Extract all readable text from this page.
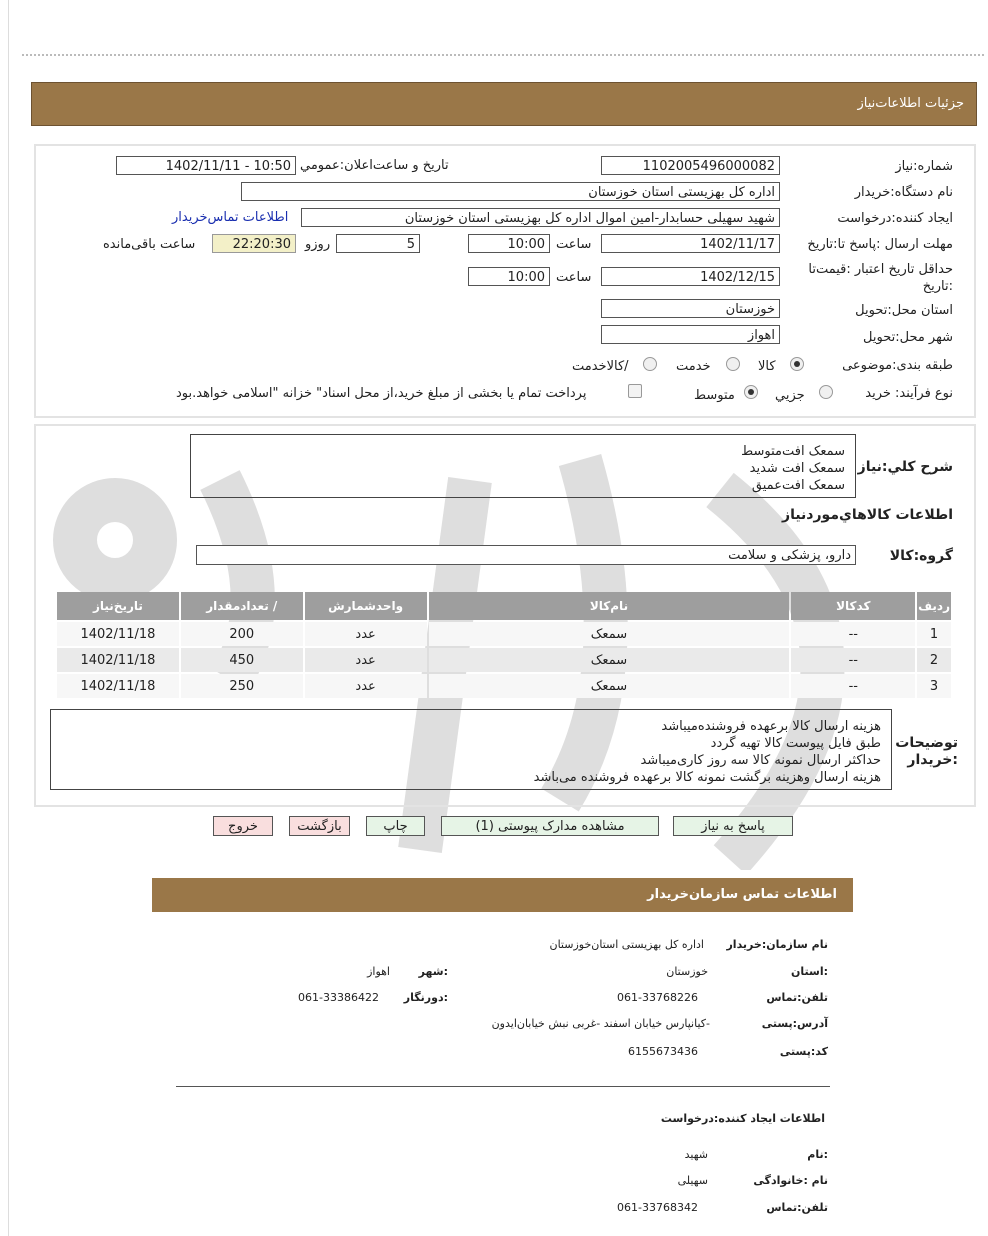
جزئیات اطلاعات‌نیاز
شماره:نیاز
1102005496000082
تاريخ و ساعت‌اعلان:عمومي
1402/11/11 - 10:50
نام دستگاه:خریدار
اداره کل بهزیستی استان خوزستان
ایجاد کننده:درخواست
شهید سهیلی حسابدار-امین اموال اداره کل بهزیستی استان خوزستان
اطلاعات تماس‌خریدار
مهلت ارسال :پاسخ تا:تاریخ
1402/11/17
ساعت
10:00
5
روزو
22:20:30
ساعت باقی‌مانده
حداقل تاریخ اعتبار :قیمت‌تا
:تاریخ
1402/12/15
ساعت
10:00
استان محل:تحویل
خوزستان
شهر محل:تحویل
اهواز
طبقه بندی:موضوعی
کالا
خدمت
/کالاخدمت
نوع فرآیند: خرید
جزيي
متوسط
پرداخت تمام یا بخشی از مبلغ خرید،از محل اسناد" خزانه "اسلامی خواهد.بود
شرح کلي:نياز
سمعک افت‌متوسط
سمعک افت شدید
سمعک افت‌عمیق
اطلاعات کالاهاي‌موردنياز
گروه:کالا
دارو، پزشکی و سلامت
ردیف	کدکالا	نام‌کالا	واحدشمارش	/ تعدادمقدار	تاریخ‌نیاز
1	--	سمعک	عدد	200	1402/11/18
2	--	سمعک	عدد	450	1402/11/18
3	--	سمعک	عدد	250	1402/11/18
توضیحات
:خریدار
هزینه ارسال کالا برعهده فروشنده‌میباشد
طبق فایل پیوست کالا تهیه گردد
حداکثر ارسال نمونه کالا سه روز کاری‌میباشد
هزینه ارسال وهزینه برگشت نمونه کالا برعهده فروشنده می‌باشد
پاسخ به نیاز
مشاهده مدارک پیوستی (1)
چاپ
بازگشت
خروج
اطلاعات تماس سازمان‌خریدار
نام سازمان:خریدار
اداره کل بهزیستی استان‌خوزستان
:استان
خوزستان
:شهر
اهواز
تلفن:تماس
061-33768226
:دورنگار
061-33386422
آدرس:پستی
-کیانپارس خیابان اسفند -غربی نبش خیابان‌ایدون
کد:پستی
6155673436
اطلاعات ایجاد کننده:درخواست
:نام
شهید
نام :خانوادگی
سهیلی
تلفن:تماس
061-33768342
